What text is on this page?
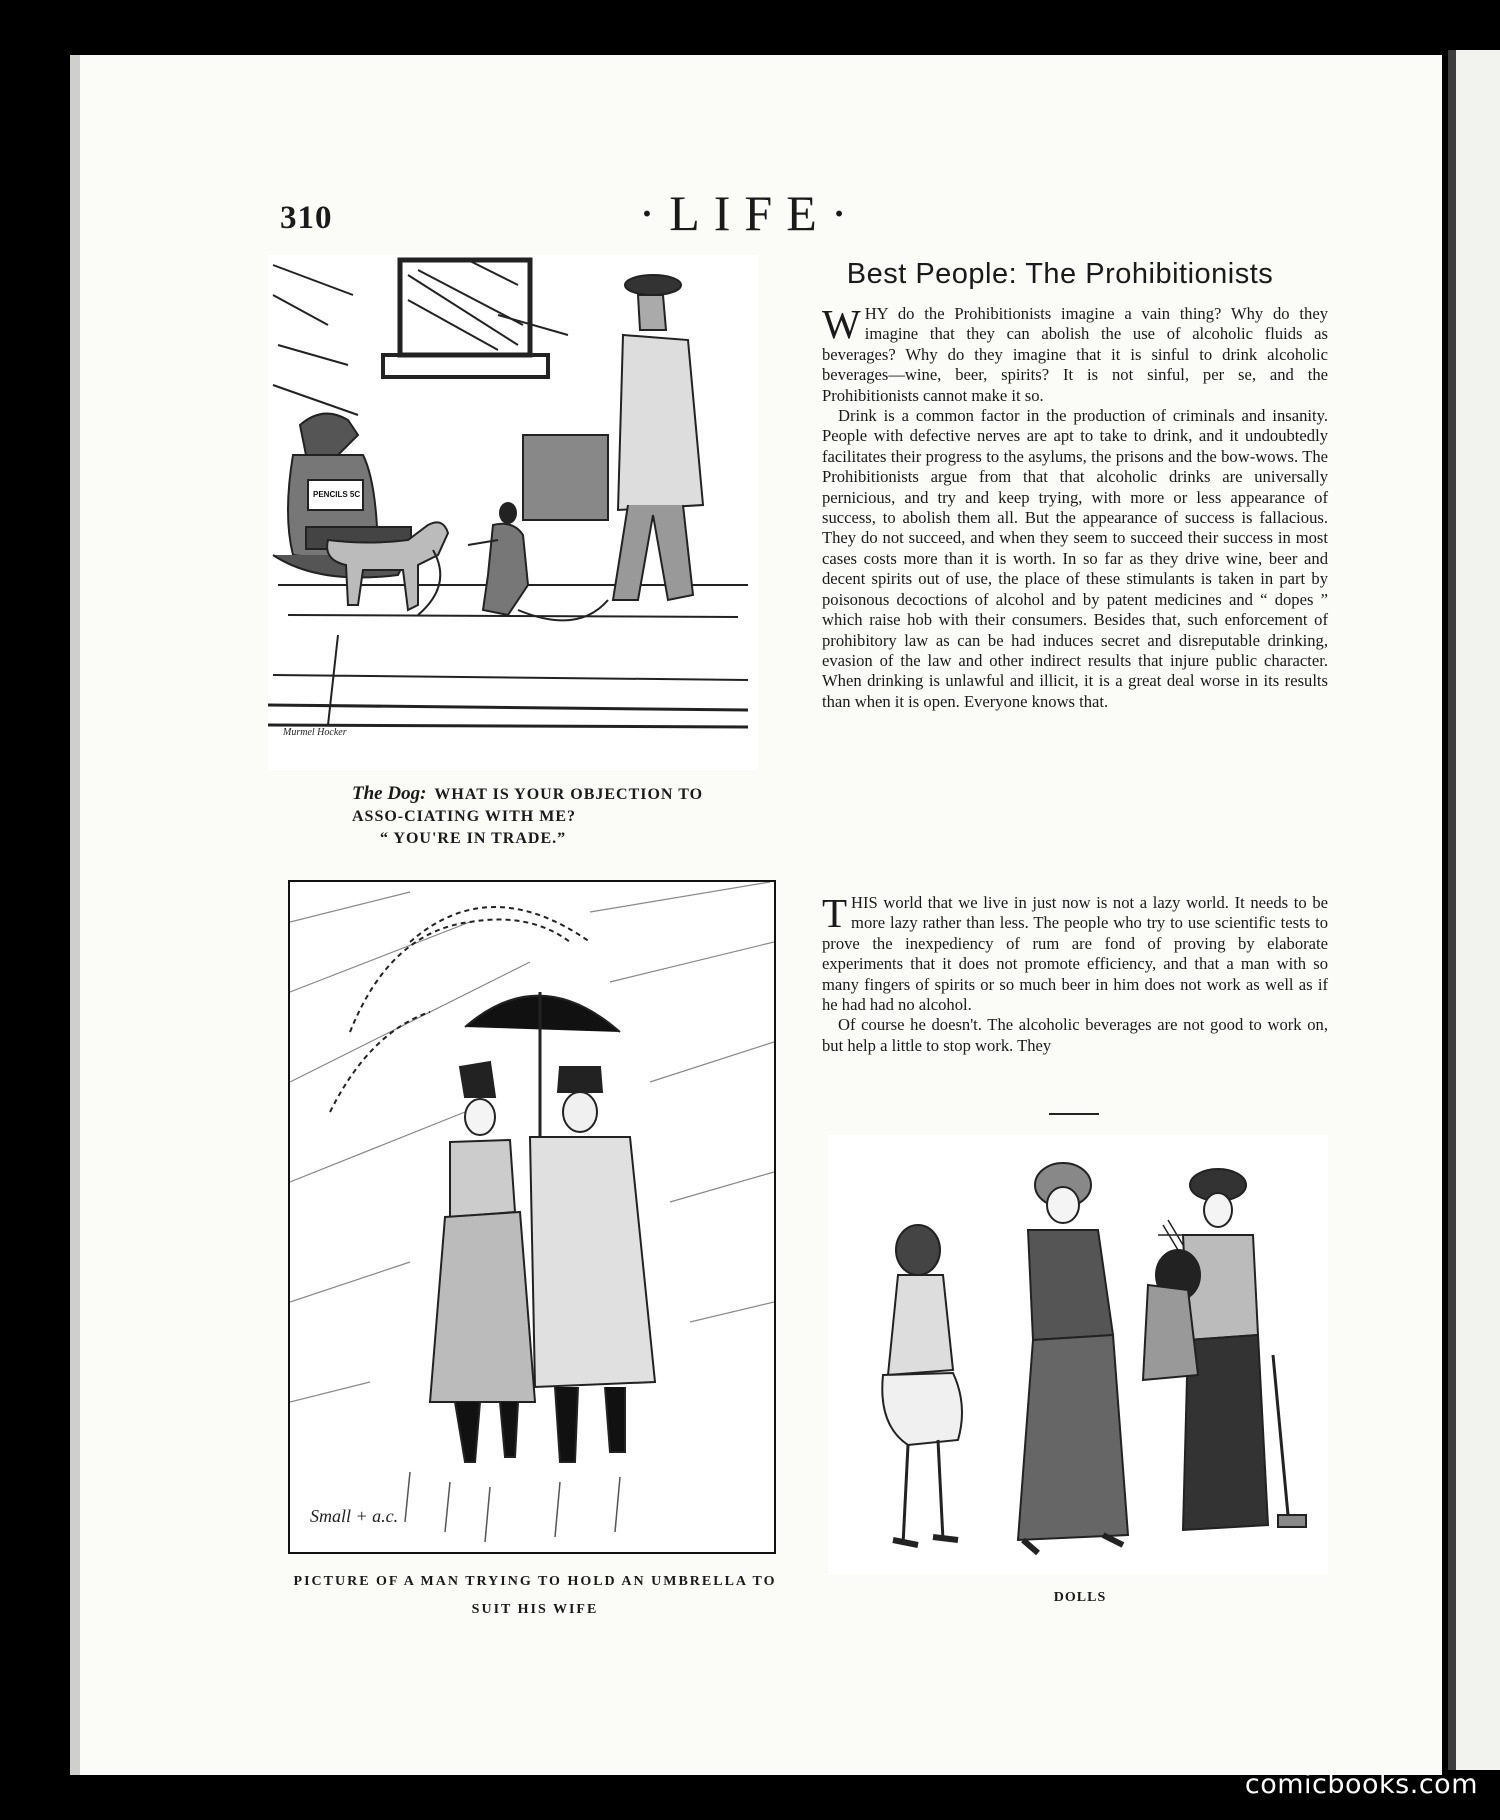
310	·LIFE·
Murmel Hocker
PENCILS 5C
The Dog: WHAT IS YOUR OBJECTION TO ASSO-CIATING WITH ME?
“ YOU'RE IN TRADE.”
Small + a.c.
PICTURE OF A MAN TRYING TO HOLD AN UMBRELLA TO SUIT HIS WIFE
DOLLS
Best People: The Prohibitionists

WHY do the Prohibitionists imagine a vain thing? Why do they imagine that they can abolish the use of alcoholic fluids as beverages? Why do they imagine that it is sinful to drink alcoholic beverages—wine, beer, spirits? It is not sinful, per se, and the Prohibitionists cannot make it so.

Drink is a common factor in the production of criminals and insanity. People with defective nerves are apt to take to drink, and it undoubtedly facilitates their progress to the asylums, the prisons and the bow-wows. The Prohibitionists argue from that that alcoholic drinks are universally pernicious, and try and keep trying, with more or less appearance of success, to abolish them all. But the appearance of success is fallacious. They do not succeed, and when they seem to succeed their success in most cases costs more than it is worth. In so far as they drive wine, beer and decent spirits out of use, the place of these stimulants is taken in part by poisonous decoctions of alcohol and by patent medicines and “ dopes ” which raise hob with their consumers. Besides that, such enforcement of prohibitory law as can be had induces secret and disreputable drinking, evasion of the law and other indirect results that injure public character. When drinking is unlawful and illicit, it is a great deal worse in its results than when it is open. Everyone knows that.

THIS world that we live in just now is not a lazy world. It needs to be more lazy rather than less. The people who try to use scientific tests to prove the inexpediency of rum are fond of proving by elaborate experiments that it does not promote efficiency, and that a man with so many fingers of spirits or so much beer in him does not work as well as if he had had no alcohol.

Of course he doesn't. The alcoholic beverages are not good to work on, but help a little to stop work. They

comicbooks.com
